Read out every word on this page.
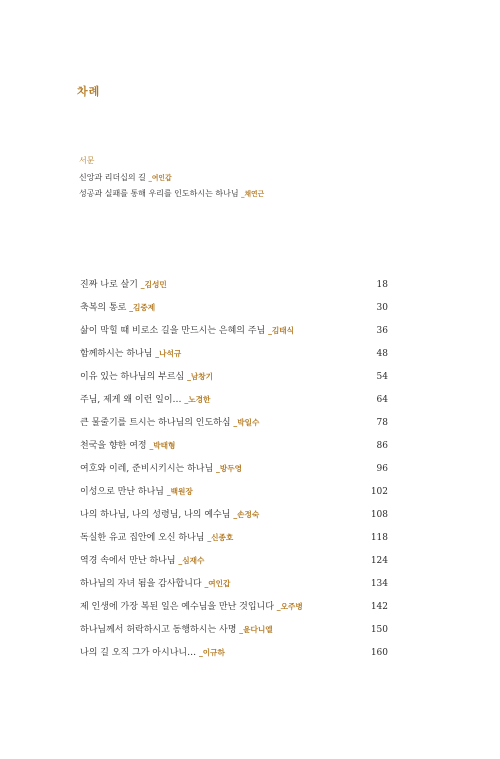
차례
서문
신앙과 리더십의 길 _여인갑
성공과 실패를 통해 우리를 인도하시는 하나님 _채연근
진짜 나로 살기 _김성민	18
축복의 통로 _김중제	30
삶이 막힐 때 비로소 길을 만드시는 은혜의 주님 _김태식	36
함께하시는 하나님 _나석규	48
이유 있는 하나님의 부르심 _남창기	54
주님, 제게 왜 이런 일이… _노경한	64
큰 물줄기를 트시는 하나님의 인도하심 _박일수	78
천국을 향한 여정 _박태형	86
여호와 이레, 준비시키시는 하나님 _방두영	96
이성으로 만난 하나님 _백원장	102
나의 하나님, 나의 성령님, 나의 예수님 _손정숙	108
독실한 유교 집안에 오신 하나님 _신종호	118
역경 속에서 만난 하나님 _심재수	124
하나님의 자녀 됨을 감사합니다 _여인갑	134
제 인생에 가장 복된 일은 예수님을 만난 것입니다 _오주병	142
하나님께서 허락하시고 동행하시는 사명 _윤다니엘	150
나의 길 오직 그가 아시나니… _이규하	160
